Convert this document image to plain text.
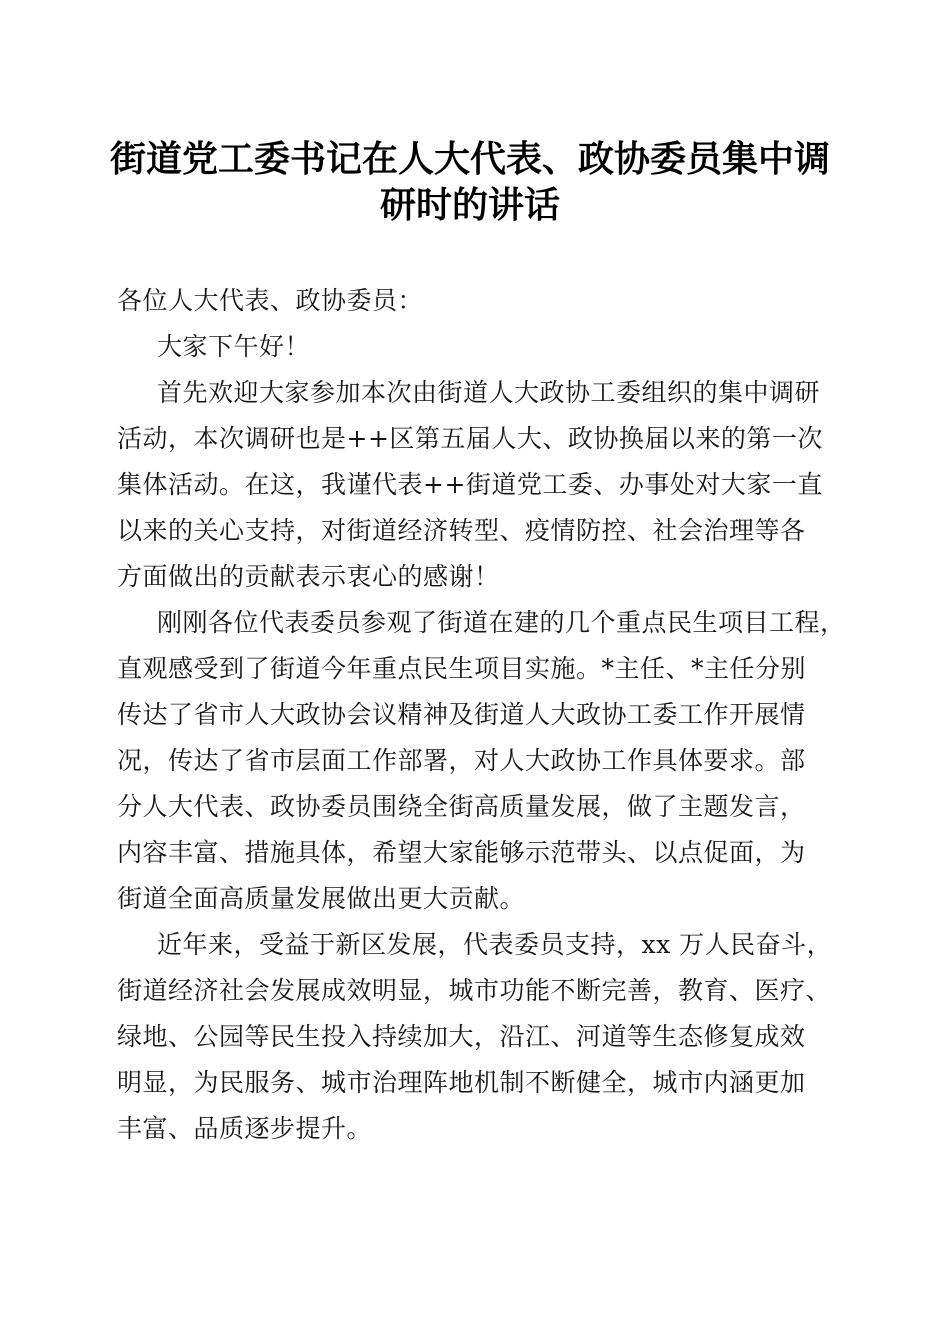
街道党工委书记在人大代表、政协委员集中调
研时的讲话

各位人大代表、政协委员：

大家下午好！

首先欢迎大家参加本次由街道人大政协工委组织的集中调研
活动，本次调研也是++区第五届人大、政协换届以来的第一次
集体活动。在这，我谨代表++街道党工委、办事处对大家一直
以来的关心支持，对街道经济转型、疫情防控、社会治理等各
方面做出的贡献表示衷心的感谢！

刚刚各位代表委员参观了街道在建的几个重点民生项目工程，
直观感受到了街道今年重点民生项目实施。*主任、*主任分别
传达了省市人大政协会议精神及街道人大政协工委工作开展情
况，传达了省市层面工作部署，对人大政协工作具体要求。部
分人大代表、政协委员围绕全街高质量发展，做了主题发言，
内容丰富、措施具体，希望大家能够示范带头、以点促面，为
街道全面高质量发展做出更大贡献。

近年来，受益于新区发展，代表委员支持，xx 万人民奋斗，
街道经济社会发展成效明显，城市功能不断完善，教育、医疗、
绿地、公园等民生投入持续加大，沿江、河道等生态修复成效
明显，为民服务、城市治理阵地机制不断健全，城市内涵更加
丰富、品质逐步提升。
